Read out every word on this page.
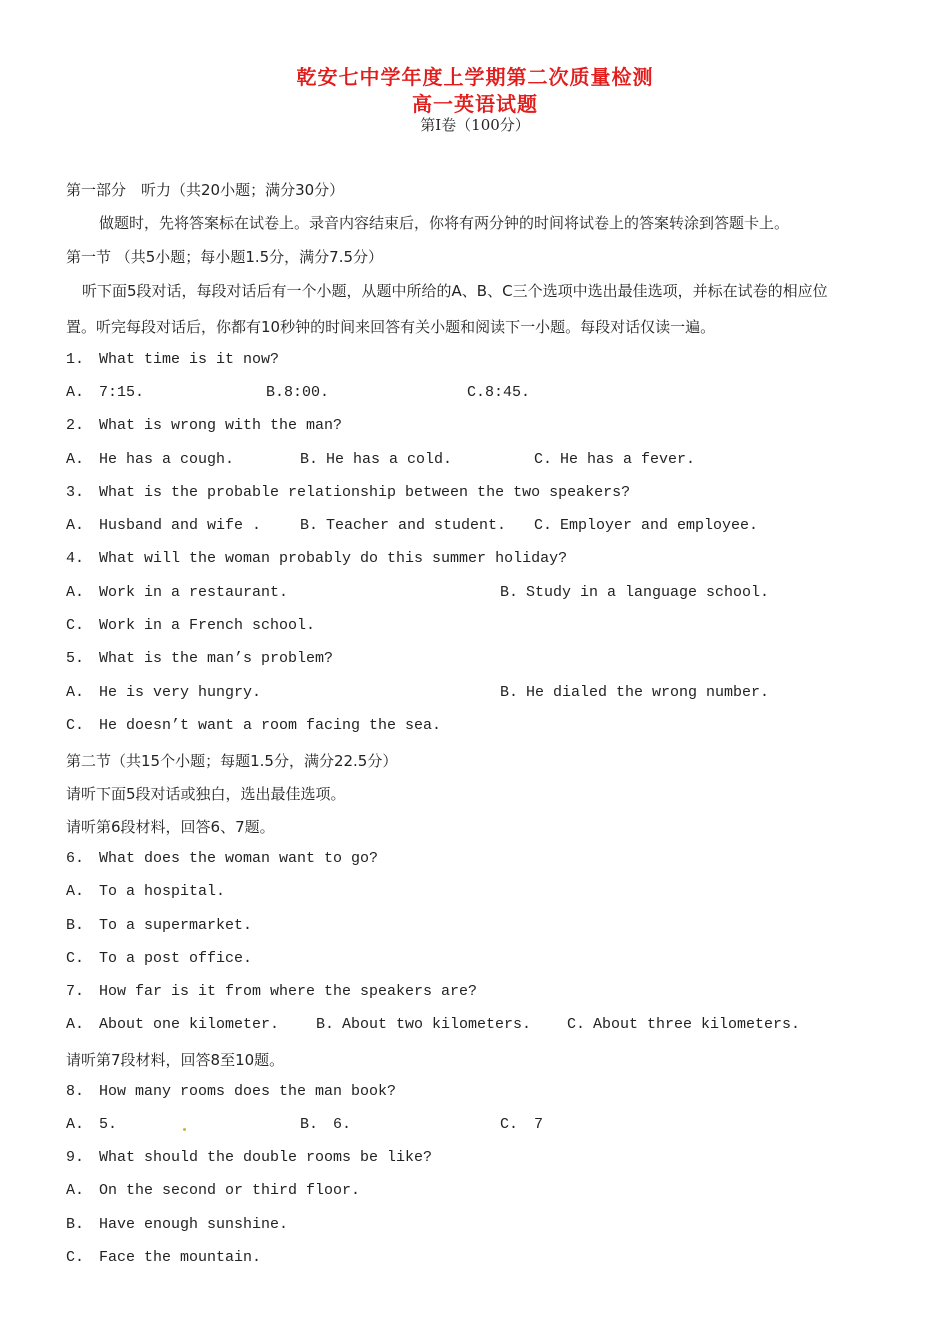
乾安七中学年度上学期第二次质量检测
高一英语试题
第Ⅰ卷（100分）
第一部分　听力（共20小题；满分30分）
做题时，先将答案标在试卷上。录音内容结束后，你将有两分钟的时间将试卷上的答案转涂到答题卡上。
第一节 （共5小题；每小题1.5分，满分7.5分）
听下面5段对话，每段对话后有一个小题，从题中所给的A、B、C三个选项中选出最佳选项，并标在试卷的相应位
置。听完每段对话后，你都有10秒钟的时间来回答有关小题和阅读下一小题。每段对话仅读一遍。
1. What time is it now?
A. 7:15.	B.8:00.	C.8:45.
2. What is wrong with the man?
A. He has a cough.	B. He has a cold.	C. He has a fever.
3. What is the probable relationship between the two speakers?
A. Husband and wife .	B. Teacher and student. C. Employer and employee.
4. What will the woman probably do this summer holiday?
A. Work in a restaurant.	B. Study in a language school.
C. Work in a French school.
5. What is the man’s problem?
A. He is very hungry.	B. He dialed the wrong number.
C. He doesn’t want a room facing the sea.
第二节（共15个小题；每题1.5分，满分22.5分）
请听下面5段对话或独白，选出最佳选项。
请听第6段材料，回答6、7题。
6. What does the woman want to go?
A. To a hospital.
B. To a supermarket.
C. To a post office.
7. How far is it from where the speakers are?
A. About one kilometer. B. About two kilometers. C. About three kilometers.
请听第7段材料，回答8至10题。
8. How many rooms does the man book?
A. 5.	B. 6.	C. 7
9. What should the double rooms be like?
A. On the second or third floor.
B. Have enough sunshine.
C. Face the mountain.
